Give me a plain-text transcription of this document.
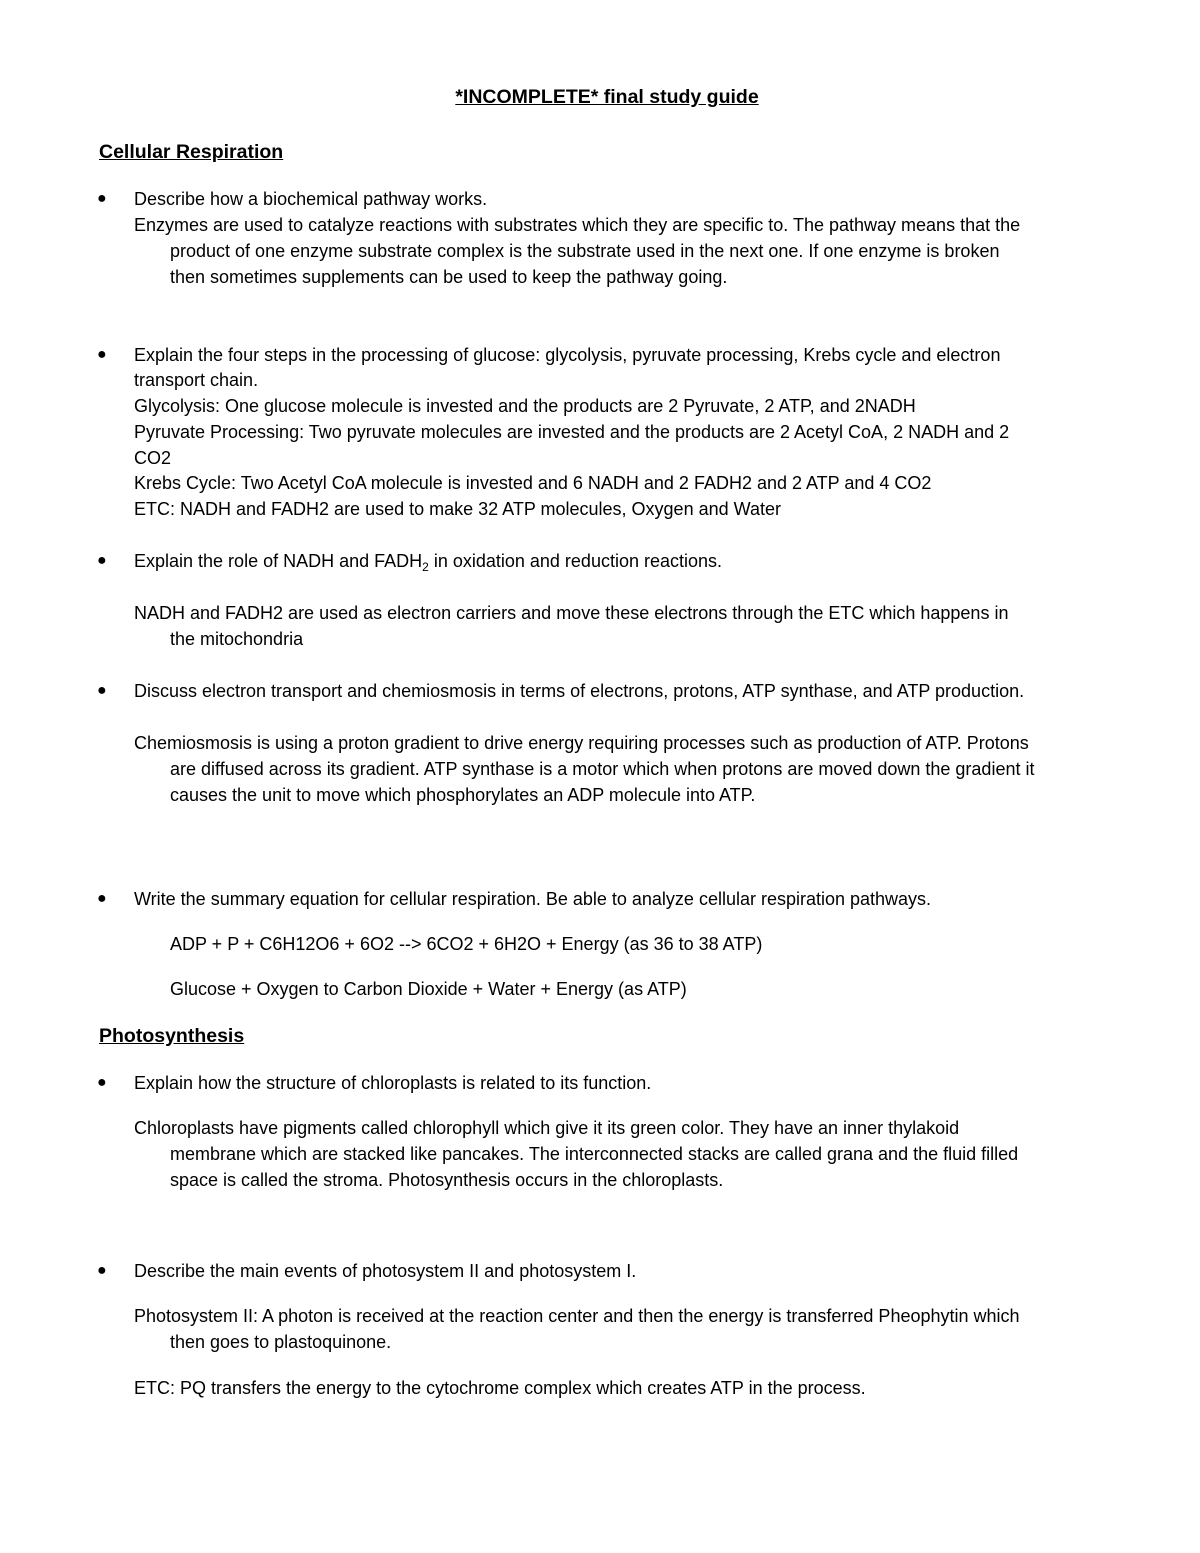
*INCOMPLETE* final study guide
Cellular Respiration
● Describe how a biochemical pathway works.
Enzymes are used to catalyze reactions with substrates which they are specific to. The pathway means that the
product of one enzyme substrate complex is the substrate used in the next one. If one enzyme is broken
then sometimes supplements can be used to keep the pathway going.
● Explain the four steps in the processing of glucose: glycolysis, pyruvate processing, Krebs cycle and electron
transport chain.
Glycolysis: One glucose molecule is invested and the products are 2 Pyruvate, 2 ATP, and 2NADH
Pyruvate Processing: Two pyruvate molecules are invested and the products are 2 Acetyl CoA, 2 NADH and 2
CO2
Krebs Cycle: Two Acetyl CoA molecule is invested and 6 NADH and 2 FADH2 and 2 ATP and 4 CO2
ETC: NADH and FADH2 are used to make 32 ATP molecules, Oxygen and Water
● Explain the role of NADH and $FADH_2$ in oxidation and reduction reactions.
NADH and FADH2 are used as electron carriers and move these electrons through the ETC which happens in
the mitochondria
● Discuss electron transport and chemiosmosis in terms of electrons, protons, ATP synthase, and ATP production.
Chemiosmosis is using a proton gradient to drive energy requiring processes such as production of ATP. Protons
are diffused across its gradient. ATP synthase is a motor which when protons are moved down the gradient it
causes the unit to move which phosphorylates an ADP molecule into ATP.
● Write the summary equation for cellular respiration. Be able to analyze cellular respiration pathways.
ADP + P + C6H12O6 + 6O2 --> 6CO2 + 6H2O + Energy (as 36 to 38 ATP)
Glucose + Oxygen to Carbon Dioxide + Water + Energy (as ATP)
Photosynthesis
● Explain how the structure of chloroplasts is related to its function.
Chloroplasts have pigments called chlorophyll which give it its green color. They have an inner thylakoid
membrane which are stacked like pancakes. The interconnected stacks are called grana and the fluid filled
space is called the stroma. Photosynthesis occurs in the chloroplasts.
● Describe the main events of photosystem II and photosystem I.
Photosystem II: A photon is received at the reaction center and then the energy is transferred Pheophytin which
then goes to plastoquinone.
ETC: PQ transfers the energy to the cytochrome complex which creates ATP in the process.
